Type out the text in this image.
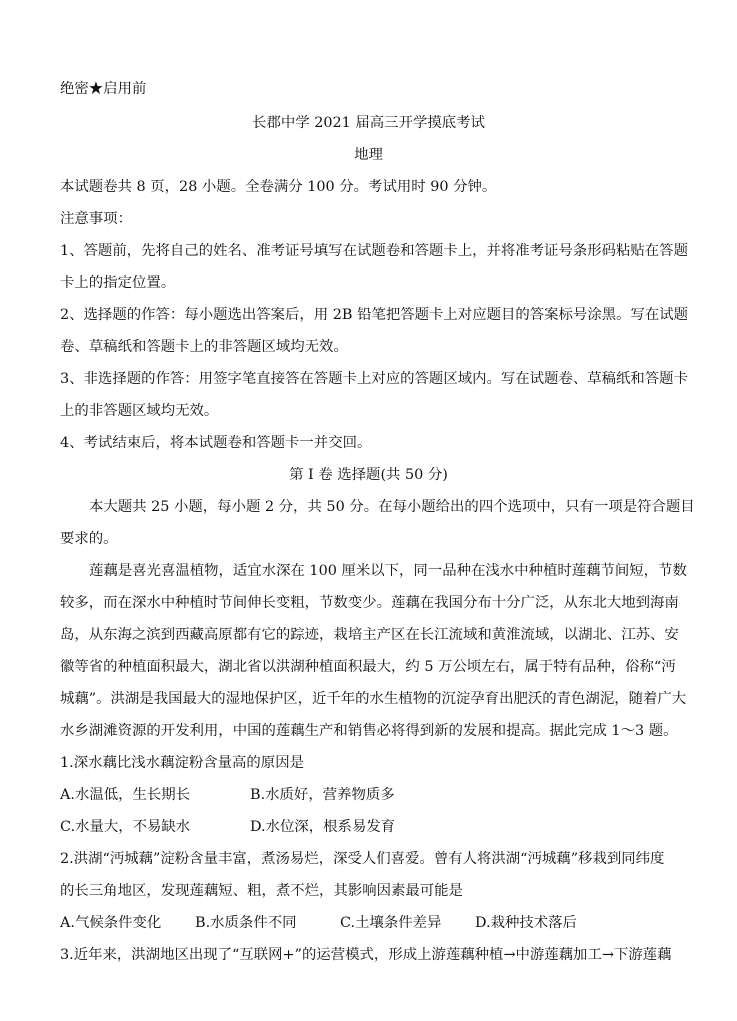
绝密★启用前
长郡中学 2021 届高三开学摸底考试
地理
本试题卷共 8 页，28 小题。全卷满分 100 分。考试用时 90 分钟。
注意事项：
1、答题前，先将自己的姓名、准考证号填写在试题卷和答题卡上，并将准考证号条形码粘贴在答题
卡上的指定位置。
2、选择题的作答：每小题选出答案后，用 2B 铅笔把答题卡上对应题目的答案标号涂黑。写在试题
卷、草稿纸和答题卡上的非答题区域均无效。
3、非选择题的作答：用签字笔直接答在答题卡上对应的答题区域内。写在试题卷、草稿纸和答题卡
上的非答题区域均无效。
4、考试结束后，将本试题卷和答题卡一并交回。
第 I 卷 选择题(共 50 分)
本大题共 25 小题，每小题 2 分，共 50 分。在每小题给出的四个选项中，只有一项是符合题目
要求的。
莲藕是喜光喜温植物，适宜水深在 100 厘米以下，同一品种在浅水中种植时莲藕节间短，节数
较多，而在深水中种植时节间伸长变粗，节数变少。莲藕在我国分布十分广泛，从东北大地到海南
岛，从东海之滨到西藏高原都有它的踪迹，栽培主产区在长江流域和黄淮流域，以湖北、江苏、安
徽等省的种植面积最大，湖北省以洪湖种植面积最大，约 5 万公顷左右，属于特有品种，俗称“沔
城藕”。洪湖是我国最大的湿地保护区，近千年的水生植物的沉淀孕育出肥沃的青色湖泥，随着广大
水乡湖滩资源的开发利用，中国的莲藕生产和销售必将得到新的发展和提高。据此完成 1～3 题。
1.深水藕比浅水藕淀粉含量高的原因是
A.水温低，生长期长	B.水质好，营养物质多
C.水量大，不易缺水	D.水位深，根系易发育
2.洪湖“沔城藕”淀粉含量丰富，煮汤易烂，深受人们喜爱。曾有人将洪湖“沔城藕”移栽到同纬度
的长三角地区，发现莲藕短、粗，煮不烂，其影响因素最可能是
A.气候条件变化 B.水质条件不同	C.土壤条件差异 D.栽种技术落后
3.近年来，洪湖地区出现了“互联网+”的运营模式，形成上游莲藕种植→中游莲藕加工→下游莲藕
